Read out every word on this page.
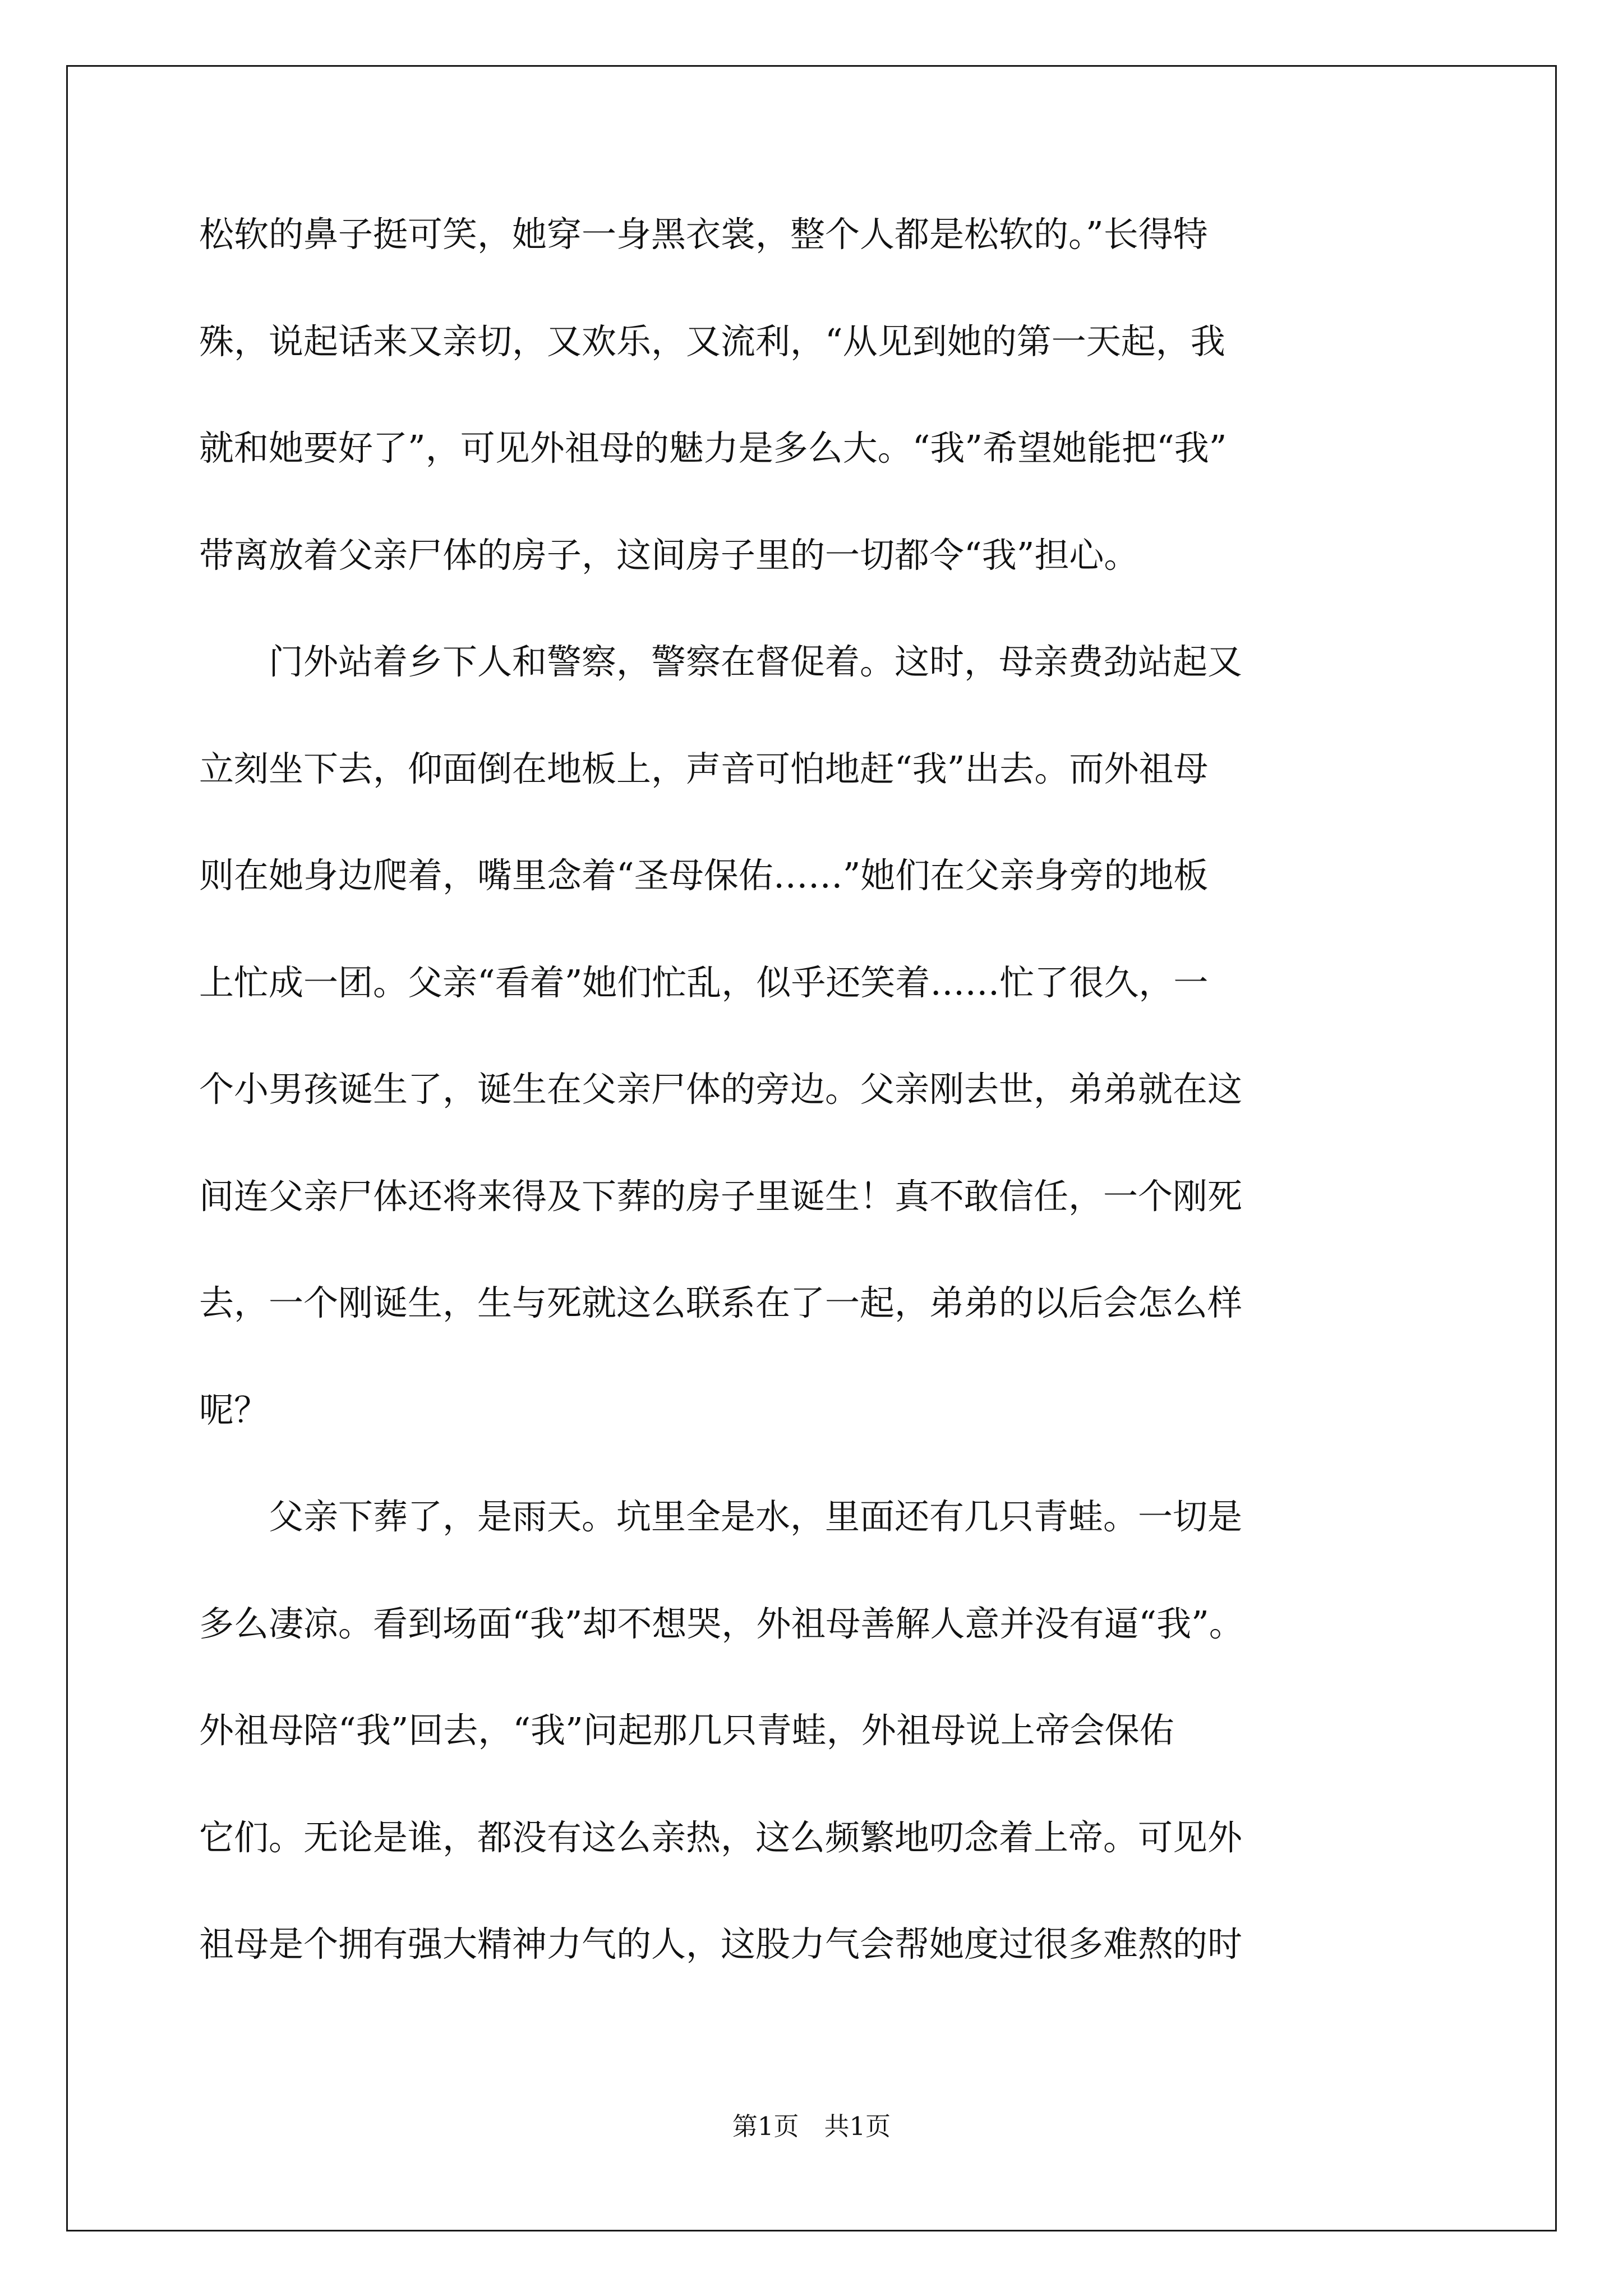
松软的鼻子挺可笑，她穿一身黑衣裳，整个人都是松软的。”长得特
殊，说起话来又亲切，又欢乐，又流利，“从见到她的第一天起，我
就和她要好了”，可见外祖母的魅力是多么大。“我”希望她能把“我”
带离放着父亲尸体的房子，这间房子里的一切都令“我”担心。
　　门外站着乡下人和警察，警察在督促着。这时，母亲费劲站起又
立刻坐下去，仰面倒在地板上，声音可怕地赶“我”出去。而外祖母
则在她身边爬着，嘴里念着“圣母保佑……”她们在父亲身旁的地板
上忙成一团。父亲“看着”她们忙乱，似乎还笑着……忙了很久，一
个小男孩诞生了，诞生在父亲尸体的旁边。父亲刚去世，弟弟就在这
间连父亲尸体还将来得及下葬的房子里诞生！真不敢信任，一个刚死
去，一个刚诞生，生与死就这么联系在了一起，弟弟的以后会怎么样
呢？
　　父亲下葬了，是雨天。坑里全是水，里面还有几只青蛙。一切是
多么凄凉。看到场面“我”却不想哭，外祖母善解人意并没有逼“我”。
外祖母陪“我”回去，“我”问起那几只青蛙，外祖母说上帝会保佑
它们。无论是谁，都没有这么亲热，这么频繁地叨念着上帝。可见外
祖母是个拥有强大精神力气的人，这股力气会帮她度过很多难熬的时
第1页　共1页
